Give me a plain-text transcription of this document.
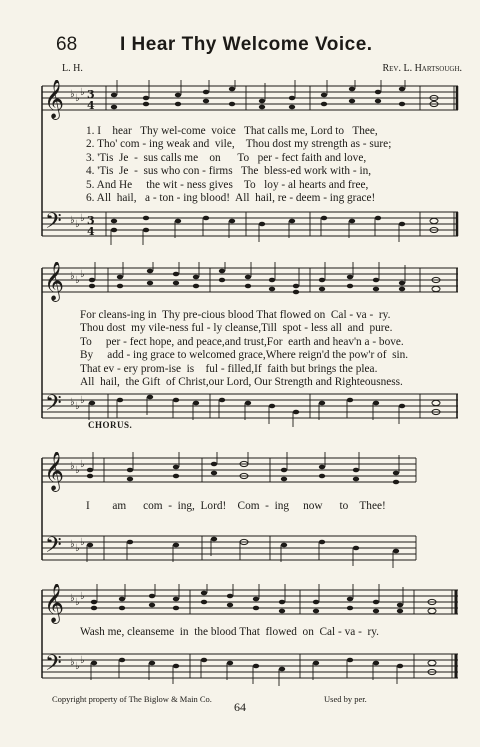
68 I Hear Thy Welcome Voice.
L. H.	Rev. L. Hartsough.
𝄞
𝄢
♭ ♭
♭
♭ ♭
♭
3
4
3
4
1. I    hear   Thy wel-come  voice   That calls me, Lord to   Thee,
2. Tho' com - ing weak and  vile,    Thou dost my strength as - sure;
3. 'Tis  Je  -  sus calls me    on      To   per - fect faith and love,
4. 'Tis  Je  -  sus who con - firms   The  bless-ed work with - in,
5. And He     the wit - ness gives    To   loy - al hearts and free,
6. All  hail,   a - ton - ing blood!  All  hail, re - deem - ing grace!
𝄞
𝄢
♭ ♭
♭
♭ ♭
♭
For cleans-ing in  Thy pre-cious blood That flowed on  Cal - va -  ry.
Thou dost  my vile-ness ful - ly cleanse,Till  spot - less all  and  pure.
To     per - fect hope, and peace,and trust,For  earth and heav'n a - bove.
By     add - ing grace to welcomed grace,Where reign'd the pow'r of  sin.
That ev - ery prom-ise  is    ful - filled,If  faith but brings the plea.
All  hail,  the Gift  of Christ,our Lord, Our Strength and Righteousness.
CHORUS.
𝄞
𝄢
♭ ♭
♭
♭ ♭
♭
I        am      com  -  ing,  Lord!    Com  -  ing     now      to    Thee!
𝄞
𝄢
♭ ♭
♭
♭ ♭
♭
Wash me, cleanseme  in  the blood That  flowed  on  Cal - va -  ry.
Copyright property of The Biglow & Main Co.	Used by per.
64
